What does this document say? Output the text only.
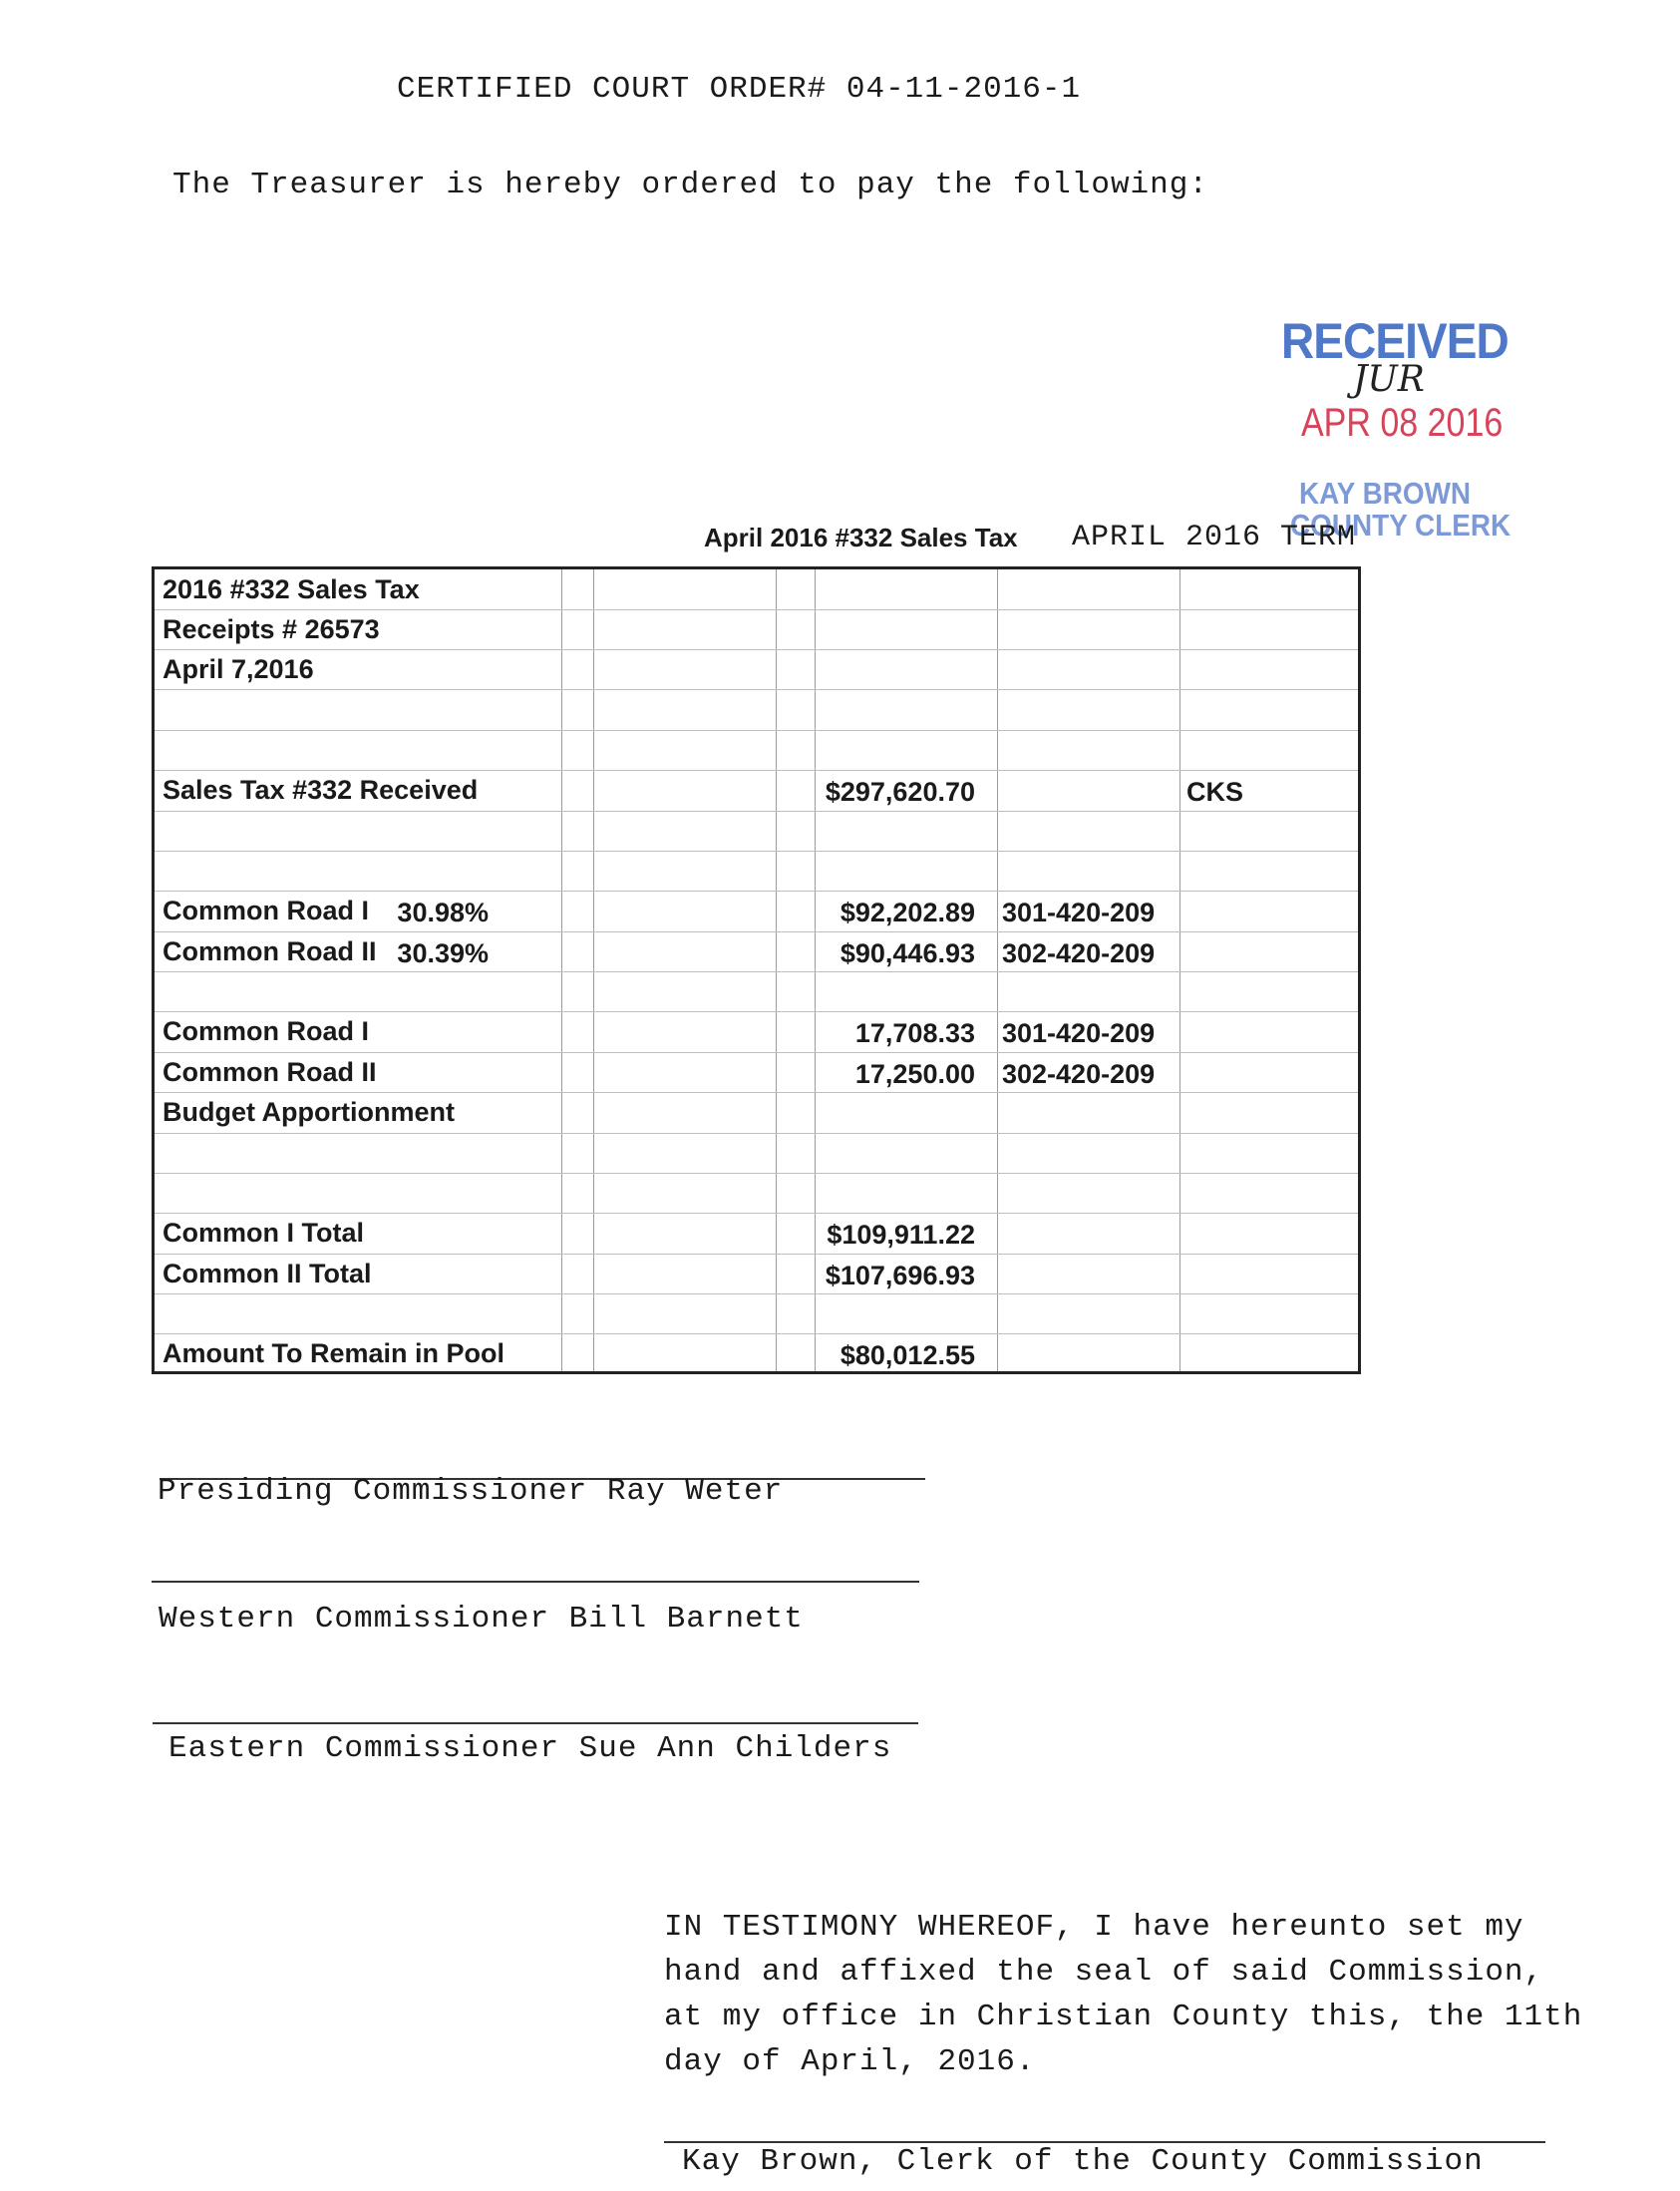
CERTIFIED COURT ORDER# 04-11-2016-1
The Treasurer is hereby ordered to pay the following:
RECEIVED
JUR
APR 08 2016
KAY BROWN
COUNTY CLERK
April 2016 #332 Sales Tax APRIL 2016 TERM
2016 #332 Sales Tax
Receipts # 26573
April 7,2016
Sales Tax #332 Received	$297,620.70	CKS
Common Road I 30.98%	$92,202.89 301-420-209
Common Road II 30.39%	$90,446.93 302-420-209
Common Road I	17,708.33 301-420-209
Common Road II	17,250.00 302-420-209
Budget Apportionment
Common I Total	$109,911.22
Common II Total	$107,696.93
Amount To Remain in Pool	$80,012.55
Presiding Commissioner Ray Weter
Western Commissioner Bill Barnett
Eastern Commissioner Sue Ann Childers
IN TESTIMONY WHEREOF, I have hereunto set my
hand and affixed the seal of said Commission,
at my office in Christian County this, the 11th
day of April, 2016.
Kay Brown, Clerk of the County Commission
